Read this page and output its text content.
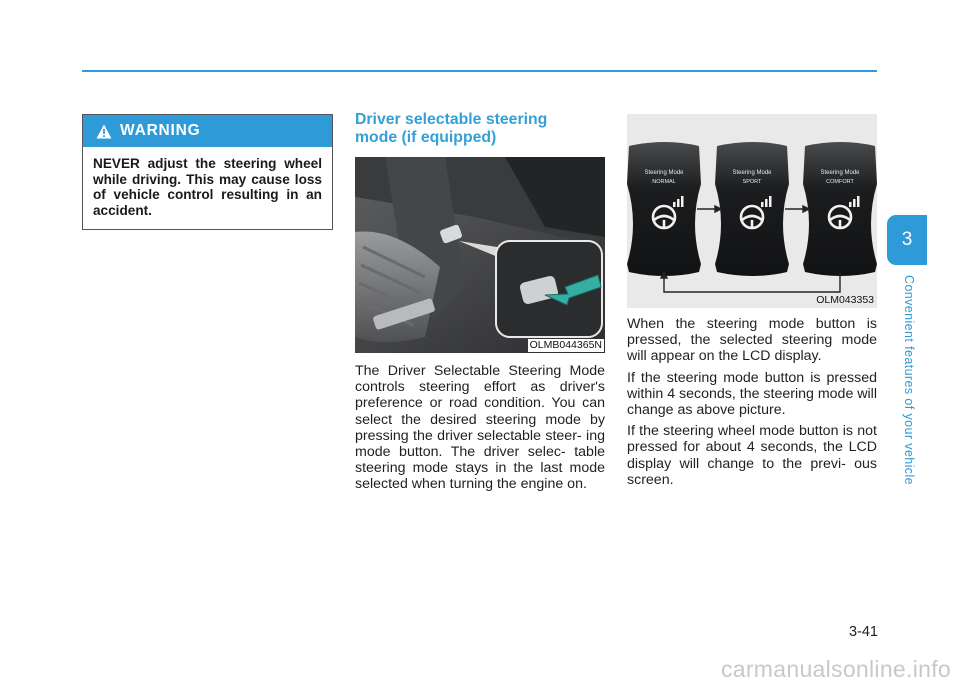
WARNING
NEVER adjust the steering wheel while driving. This may cause loss of vehicle control resulting in an accident.
Driver selectable steering
mode (if equipped)
OLMB044365N
The Driver Selectable Steering Mode controls steering effort as driver's preference or road condition. You can select the desired steering mode by pressing the driver selectable steer- ing mode button. The driver selec- table steering mode stays in the last mode selected when turning the engine on.
Steering Mode
NORMAL
Steering Mode
SPORT
Steering Mode
COMFORT
OLM043353

When the steering mode button is pressed, the selected steering mode will appear on the LCD display.

If the steering mode button is pressed within 4 seconds, the steering mode will change as above picture.

If the steering wheel mode button is not pressed for about 4 seconds, the LCD display will change to the previ- ous screen.

3
Convenient features of your vehicle
3-41
carmanualsonline.info
